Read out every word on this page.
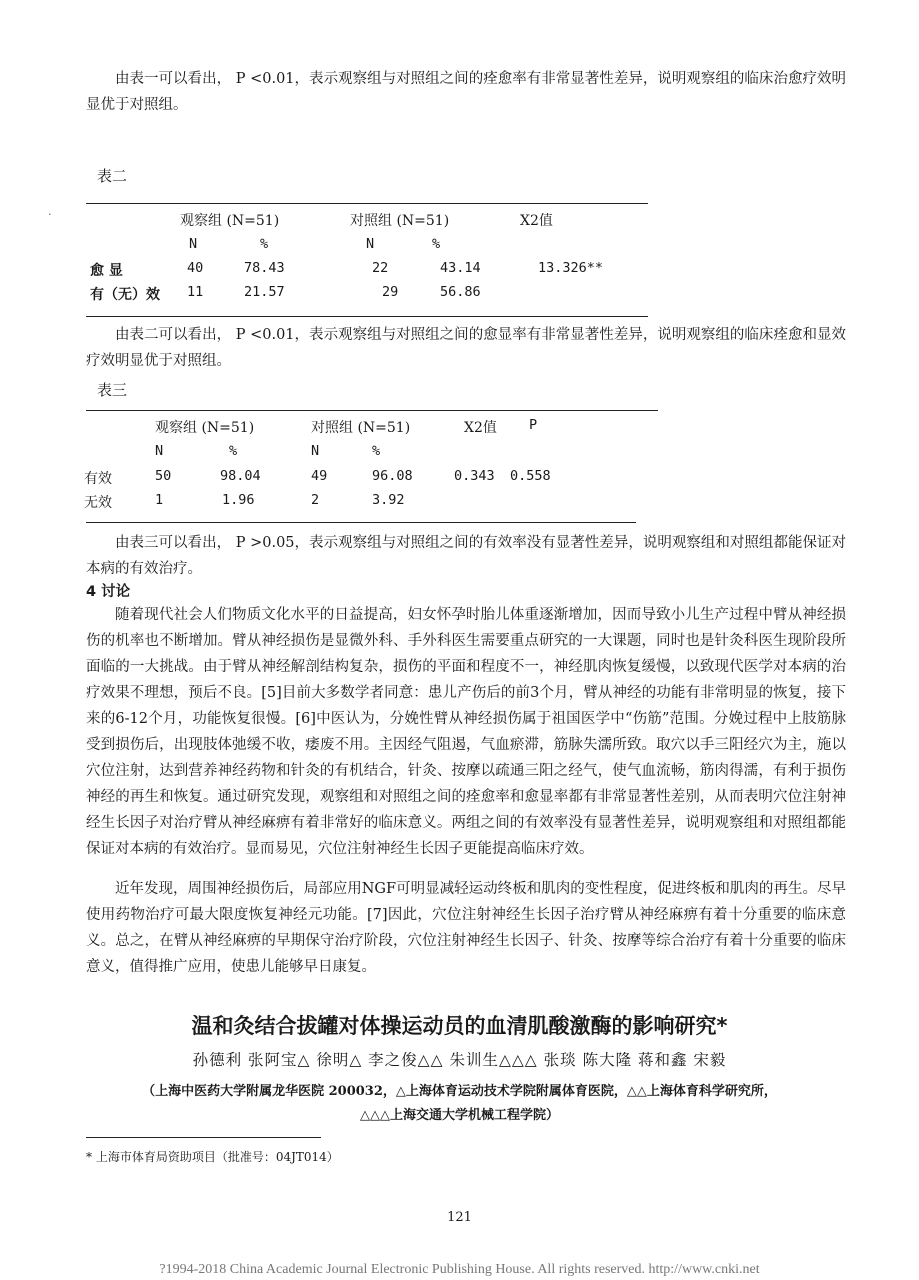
由表一可以看出， P <0.01，表示观察组与对照组之间的痊愈率有非常显著性差异，说明观察组的临床治愈疗效明显优于对照组。
表二
·	观察组 (N=51)	对照组 (N=51)	X2值
N	%	N	%
愈 显	40	78.43	22	43.14	13.326**
有（无）效 11	21.57	29	56.86
由表二可以看出， P <0.01，表示观察组与对照组之间的愈显率有非常显著性差异，说明观察组的临床痊愈和显效疗效明显优于对照组。
表三
观察组 (N=51)	对照组 (N=51)	X2值 P
N	%	N	%
有效	50	98.04	49	96.08	0.343 0.558
无效	1	1.96	2	3.92
由表三可以看出， P >0.05，表示观察组与对照组之间的有效率没有显著性差异，说明观察组和对照组都能保证对本病的有效治疗。
4 讨论
随着现代社会人们物质文化水平的日益提高，妇女怀孕时胎儿体重逐渐增加，因而导致小儿生产过程中臂从神经损伤的机率也不断增加。臂从神经损伤是显微外科、手外科医生需要重点研究的一大课题，同时也是针灸科医生现阶段所面临的一大挑战。由于臂从神经解剖结构复杂，损伤的平面和程度不一，神经肌肉恢复缓慢，以致现代医学对本病的治疗效果不理想，预后不良。[5]目前大多数学者同意：患儿产伤后的前3个月，臂从神经的功能有非常明显的恢复，接下来的6-12个月，功能恢复很慢。[6]中医认为，分娩性臂从神经损伤属于祖国医学中“伤筋”范围。分娩过程中上肢筋脉受到损伤后，出现肢体弛缓不收，痿废不用。主因经气阻遏，气血瘀滞，筋脉失濡所致。取穴以手三阳经穴为主，施以穴位注射，达到营养神经药物和针灸的有机结合，针灸、按摩以疏通三阳之经气，使气血流畅，筋肉得濡，有利于损伤神经的再生和恢复。通过研究发现，观察组和对照组之间的痊愈率和愈显率都有非常显著性差别，从而表明穴位注射神经生长因子对治疗臂从神经麻痹有着非常好的临床意义。两组之间的有效率没有显著性差异，说明观察组和对照组都能保证对本病的有效治疗。显而易见，穴位注射神经生长因子更能提高临床疗效。
近年发现，周围神经损伤后，局部应用NGF可明显减轻运动终板和肌肉的变性程度，促进终板和肌肉的再生。尽早使用药物治疗可最大限度恢复神经元功能。[7]因此，穴位注射神经生长因子治疗臂从神经麻痹有着十分重要的临床意义。总之，在臂从神经麻痹的早期保守治疗阶段，穴位注射神经生长因子、针灸、按摩等综合治疗有着十分重要的临床意义，值得推广应用，使患儿能够早日康复。
温和灸结合拔罐对体操运动员的血清肌酸激酶的影响研究*
孙德利 张阿宝△ 徐明△ 李之俊△△ 朱训生△△△ 张琰 陈大隆 蒋和鑫 宋毅
（上海中医药大学附属龙华医院 200032，△上海体育运动技术学院附属体育医院，△△上海体育科学研究所，
△△△上海交通大学机械工程学院）
* 上海市体育局资助项目（批准号：04JT014）
121
?1994-2018 China Academic Journal Electronic Publishing House. All rights reserved. http://www.cnki.net
